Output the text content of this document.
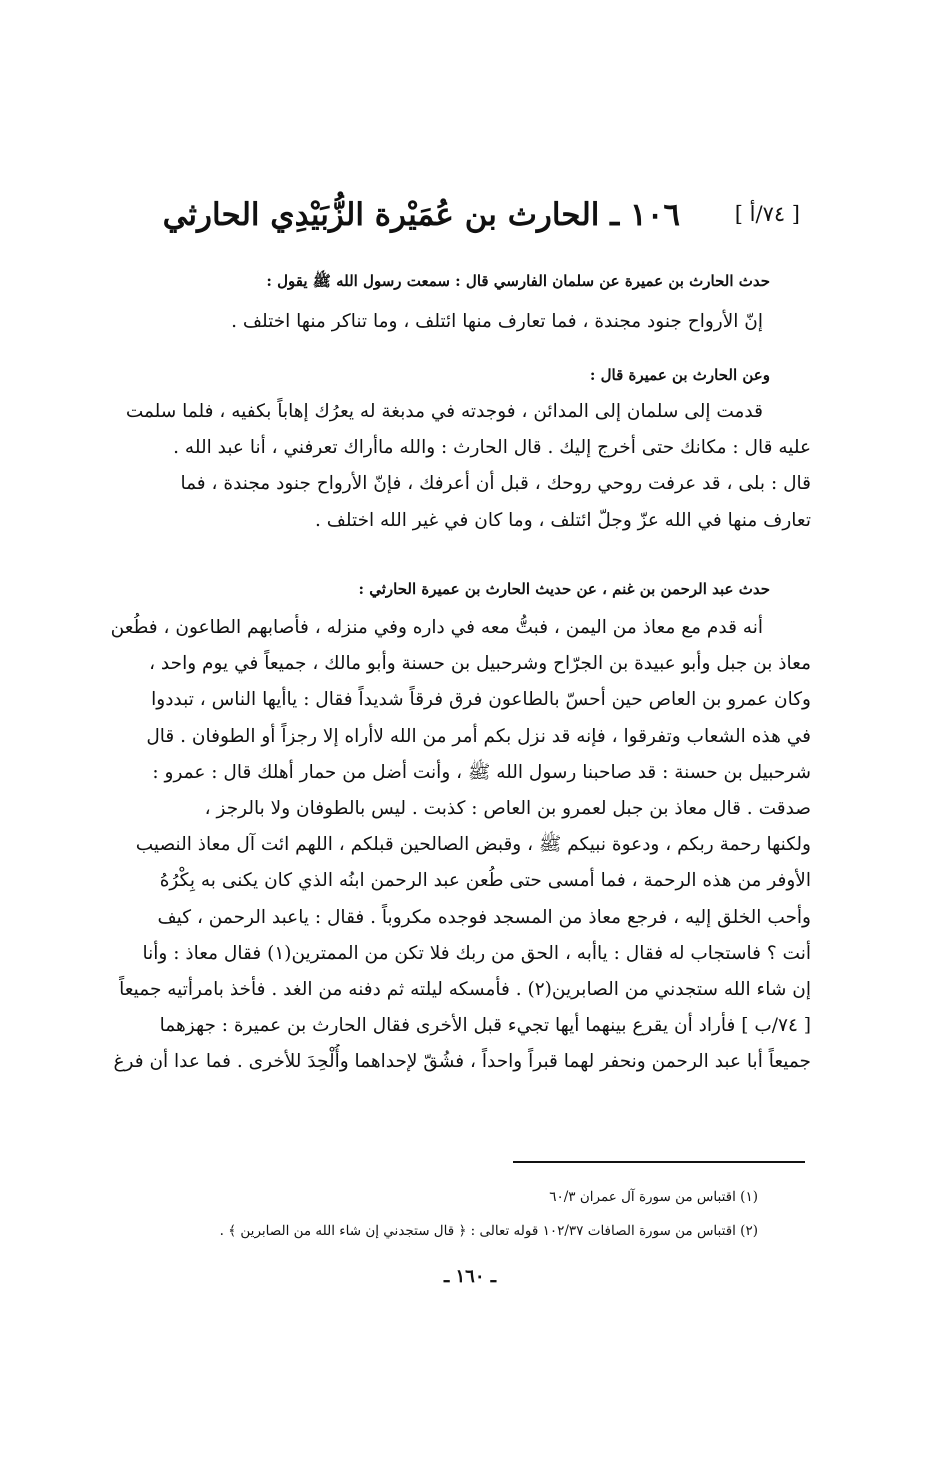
[ ٧٤/أ ]
١٠٦ ـ الحارث بن عُمَيْرة الزُّبَيْدِي الحارثي
حدث الحارث بن عميرة عن سلمان الفارسي قال : سمعت رسول الله ﷺ يقول :
إنّ الأرواح جنود مجندة ، فما تعارف منها ائتلف ، وما تناكر منها اختلف .
وعن الحارث بن عميرة قال :
قدمت إلى سلمان إلى المدائن ، فوجدته في مدبغة له يعرُك إهاباً بكفيه ، فلما سلمت
عليه قال : مكانك حتى أخرج إليك . قال الحارث : والله ماأراك تعرفني ، أنا عبد الله .
قال : بلى ، قد عرفت روحي روحك ، قبل أن أعرفك ، فإنّ الأرواح جنود مجندة ، فما
تعارف منها في الله عزّ وجلّ ائتلف ، وما كان في غير الله اختلف .
حدث عبد الرحمن بن غنم ، عن حديث الحارث بن عميرة الحارثي :
أنه قدم مع معاذ من اليمن ، فبتُّ معه في داره وفي منزله ، فأصابهم الطاعون ، فطُعن
معاذ بن جبل وأبو عبيدة بن الجرّاح وشرحبيل بن حسنة وأبو مالك ، جميعاً في يوم واحد ،
وكان عمرو بن العاص حين أحسّ بالطاعون فرق فرقاً شديداً فقال : ياأيها الناس ، تبددوا
في هذه الشعاب وتفرقوا ، فإنه قد نزل بكم أمر من الله لاأراه إلا رجزاً أو الطوفان . قال
شرحبيل بن حسنة : قد صاحبنا رسول الله ﷺ ، وأنت أضل من حمار أهلك قال : عمرو :
صدقت . قال معاذ بن جبل لعمرو بن العاص : كذبت . ليس بالطوفان ولا بالرجز ،
ولكنها رحمة ربكم ، ودعوة نبيكم ﷺ ، وقبض الصالحين قبلكم ، اللهم ائت آل معاذ النصيب
الأوفر من هذه الرحمة ، فما أمسى حتى طُعن عبد الرحمن ابنُه الذي كان يكنى به بِكْرُهُ
وأحب الخلق إليه ، فرجع معاذ من المسجد فوجده مكروباً . فقال : ياعبد الرحمن ، كيف
أنت ؟ فاستجاب له فقال : ياأبه ، الحق من ربك فلا تكن من الممترين(١) فقال معاذ : وأنا
إن شاء الله ستجدني من الصابرين(٢) . فأمسكه ليلته ثم دفنه من الغد . فأخذ بامرأتيه جميعاً
[ ٧٤/ب ] فأراد أن يقرع بينهما أيها تجيء قبل الأخرى فقال الحارث بن عميرة : جهزهما
جميعاً أبا عبد الرحمن ونحفر لهما قبراً واحداً ، فشُقّ لإحداهما وأُلْحِدَ للأخرى . فما عدا أن فرغ
(١) اقتباس من سورة آل عمران ٦٠/٣
(٢) اقتباس من سورة الصافات ١٠٢/٣٧ قوله تعالى : ﴿ قال ستجدني إن شاء الله من الصابرين ﴾ .
ـ ١٦٠ ـ
